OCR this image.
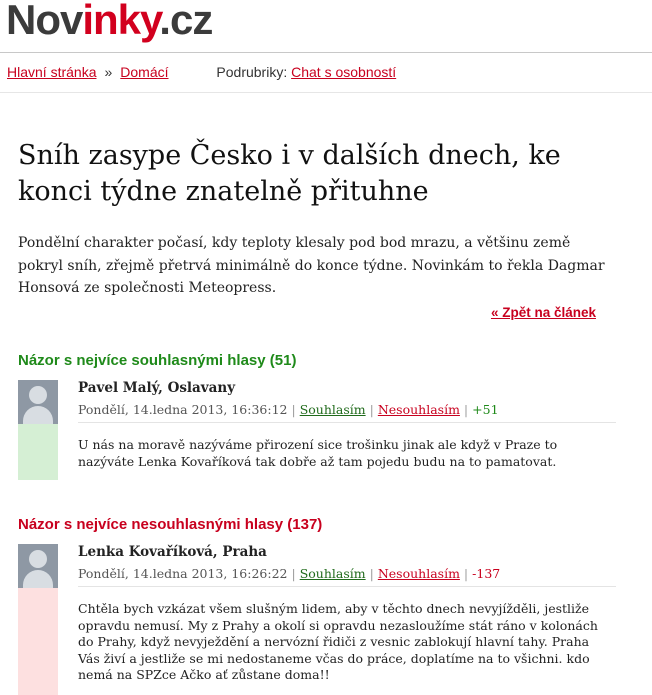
Novinky.cz
Hlavní stránka » Domácí	Podrubriky: Chat s osobností
Sníh zasype Česko i v dalších dnech, ke konci týdne znatelně přituhne

Pondělní charakter počasí, kdy teploty klesaly pod bod mrazu, a většinu země pokryl sníh, zřejmě přetrvá minimálně do konce týdne. Novinkám to řekla Dagmar Honsová ze společnosti Meteopress.

« Zpět na článek
Názor s nejvíce souhlasnými hlasy (51)
Pavel Malý, Oslavany
Pondělí, 14.ledna 2013, 16:36:12 | Souhlasím | Nesouhlasím | +51

U nás na moravě nazýváme přirození sice trošinku jinak ale když v Praze to nazýváte Lenka Kovaříková tak dobře až tam pojedu budu na to pamatovat.

Názor s nejvíce nesouhlasnými hlasy (137)
Lenka Kovaříková, Praha
Pondělí, 14.ledna 2013, 16:26:22 | Souhlasím | Nesouhlasím | -137

Chtěla bych vzkázat všem slušným lidem, aby v těchto dnech nevyjížděli, jestliže opravdu nemusí. My z Prahy a okolí si opravdu nezasloužíme stát ráno v kolonách do Prahy, když nevyježdění a nervózní řidiči z vesnic zablokují hlavní tahy. Praha Vás živí a jestliže se mi nedostaneme včas do práce, doplatíme na to všichni. kdo nemá na SPZce Ačko ať zůstane doma!!
